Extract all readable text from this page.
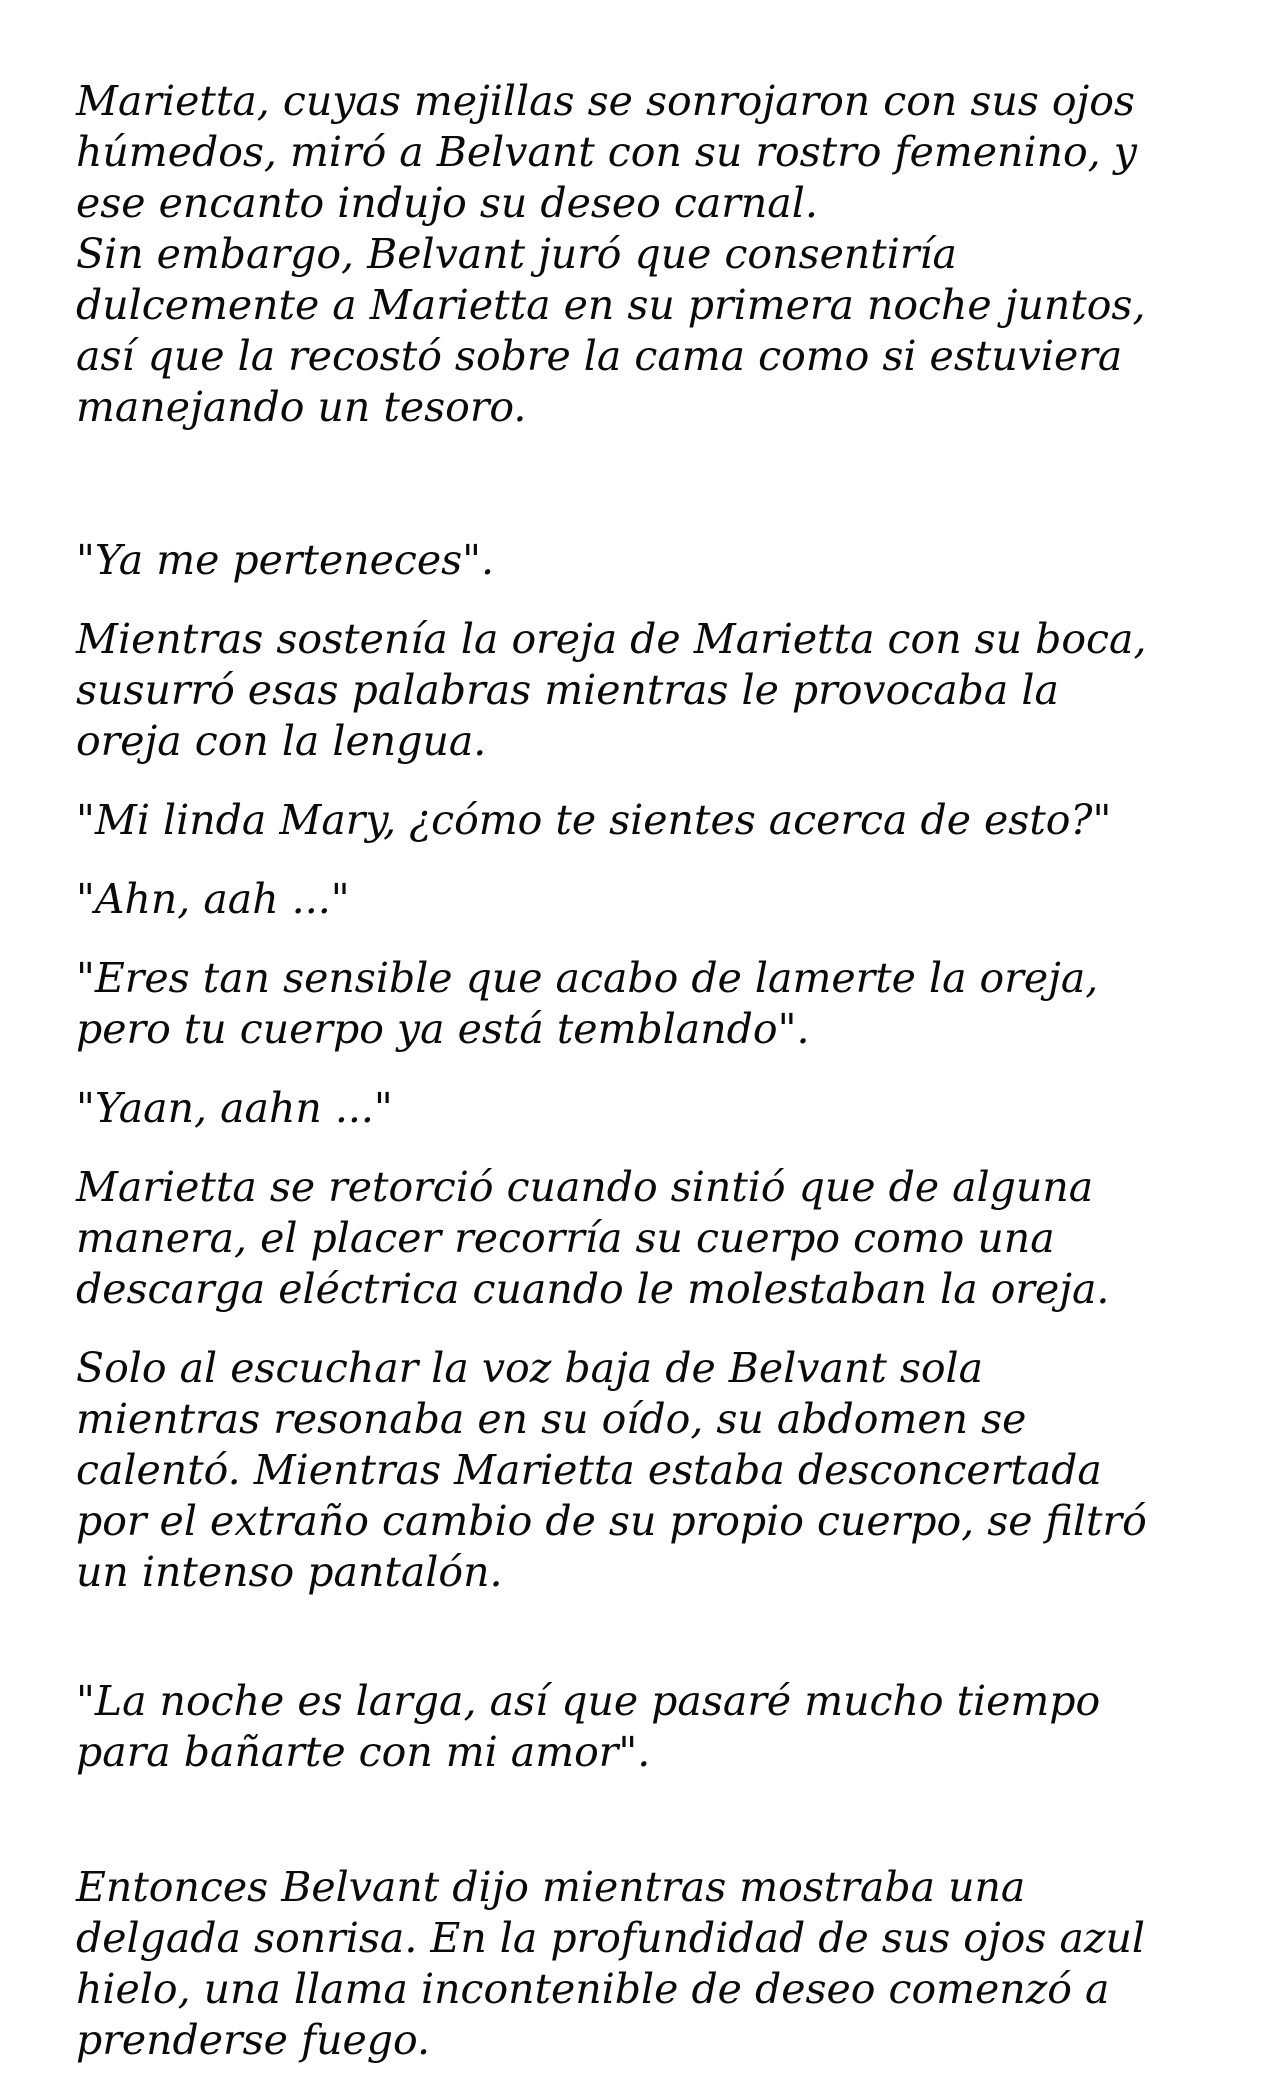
Marietta, cuyas mejillas se sonrojaron con sus ojos
húmedos, miró a Belvant con su rostro femenino, y
ese encanto indujo su deseo carnal.
Sin embargo, Belvant juró que consentiría
dulcemente a Marietta en su primera noche juntos,
así que la recostó sobre la cama como si estuviera
manejando un tesoro.

"Ya me perteneces".

Mientras sostenía la oreja de Marietta con su boca,
susurró esas palabras mientras le provocaba la
oreja con la lengua.

"Mi linda Mary, ¿cómo te sientes acerca de esto?"

"Ahn, aah ..."

"Eres tan sensible que acabo de lamerte la oreja,
pero tu cuerpo ya está temblando".

"Yaan, aahn ..."

Marietta se retorció cuando sintió que de alguna
manera, el placer recorría su cuerpo como una
descarga eléctrica cuando le molestaban la oreja.

Solo al escuchar la voz baja de Belvant sola
mientras resonaba en su oído, su abdomen se
calentó. Mientras Marietta estaba desconcertada
por el extraño cambio de su propio cuerpo, se filtró
un intenso pantalón.

"La noche es larga, así que pasaré mucho tiempo
para bañarte con mi amor".

Entonces Belvant dijo mientras mostraba una
delgada sonrisa. En la profundidad de sus ojos azul
hielo, una llama incontenible de deseo comenzó a
prenderse fuego.
